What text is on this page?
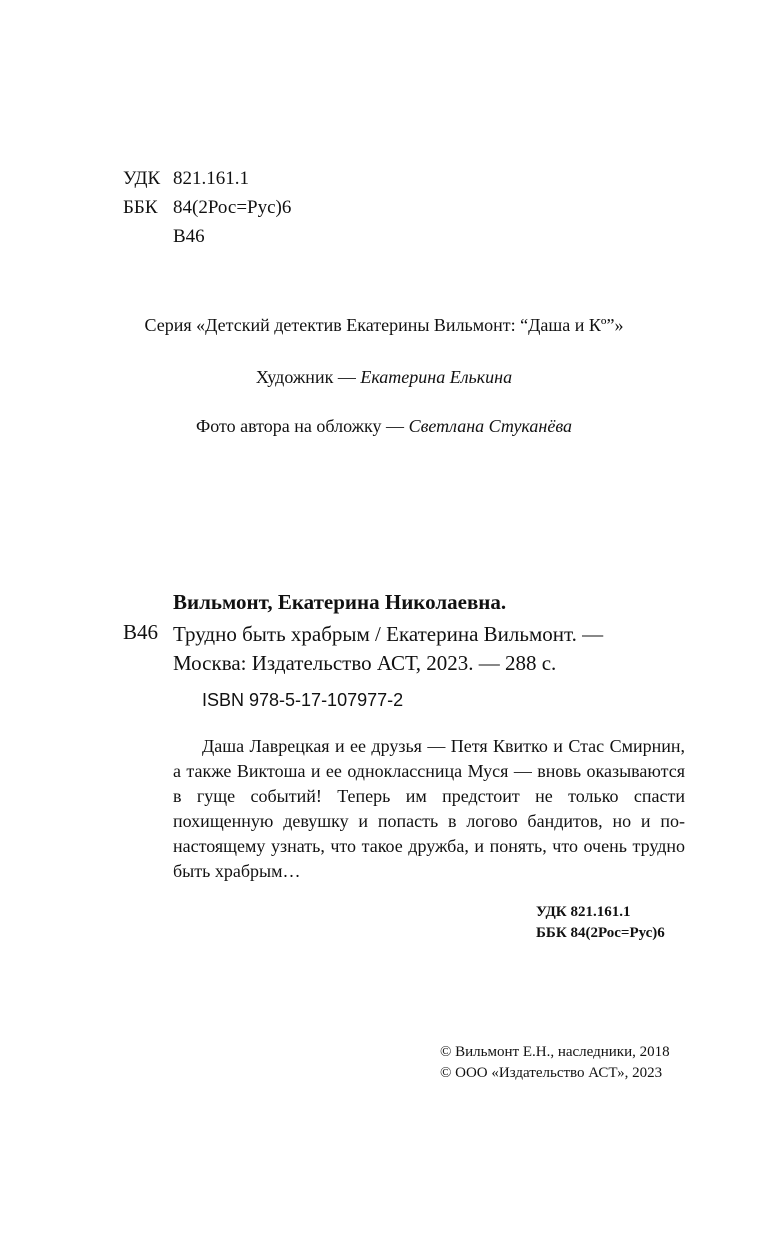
УДК 821.161.1
ББК 84(2Рос=Рус)6
В46
Серия «Детский детектив Екатерины Вильмонт: “Даша и Кº”»
Художник — Екатерина Елькина
Фото автора на обложку — Светлана Стуканёва
Вильмонт, Екатерина Николаевна.
В46 Трудно быть храбрым / Екатерина Вильмонт. —
Москва: Издательство АСТ, 2023. — 288 с.
ISBN 978-5-17-107977-2
Даша Лаврецкая и ее друзья — Петя Квитко и Стас Смирнин, а также Виктоша и ее одноклассница Муся — вновь оказываются в гуще событий! Теперь им предстоит не только спасти похищенную девушку и попасть в логово бандитов, но и по-настоящему узнать, что такое дружба, и понять, что очень трудно быть храбрым…
УДК 821.161.1
ББК 84(2Рос=Рус)6
© Вильмонт Е.Н., наследники, 2018
© ООО «Издательство АСТ», 2023
